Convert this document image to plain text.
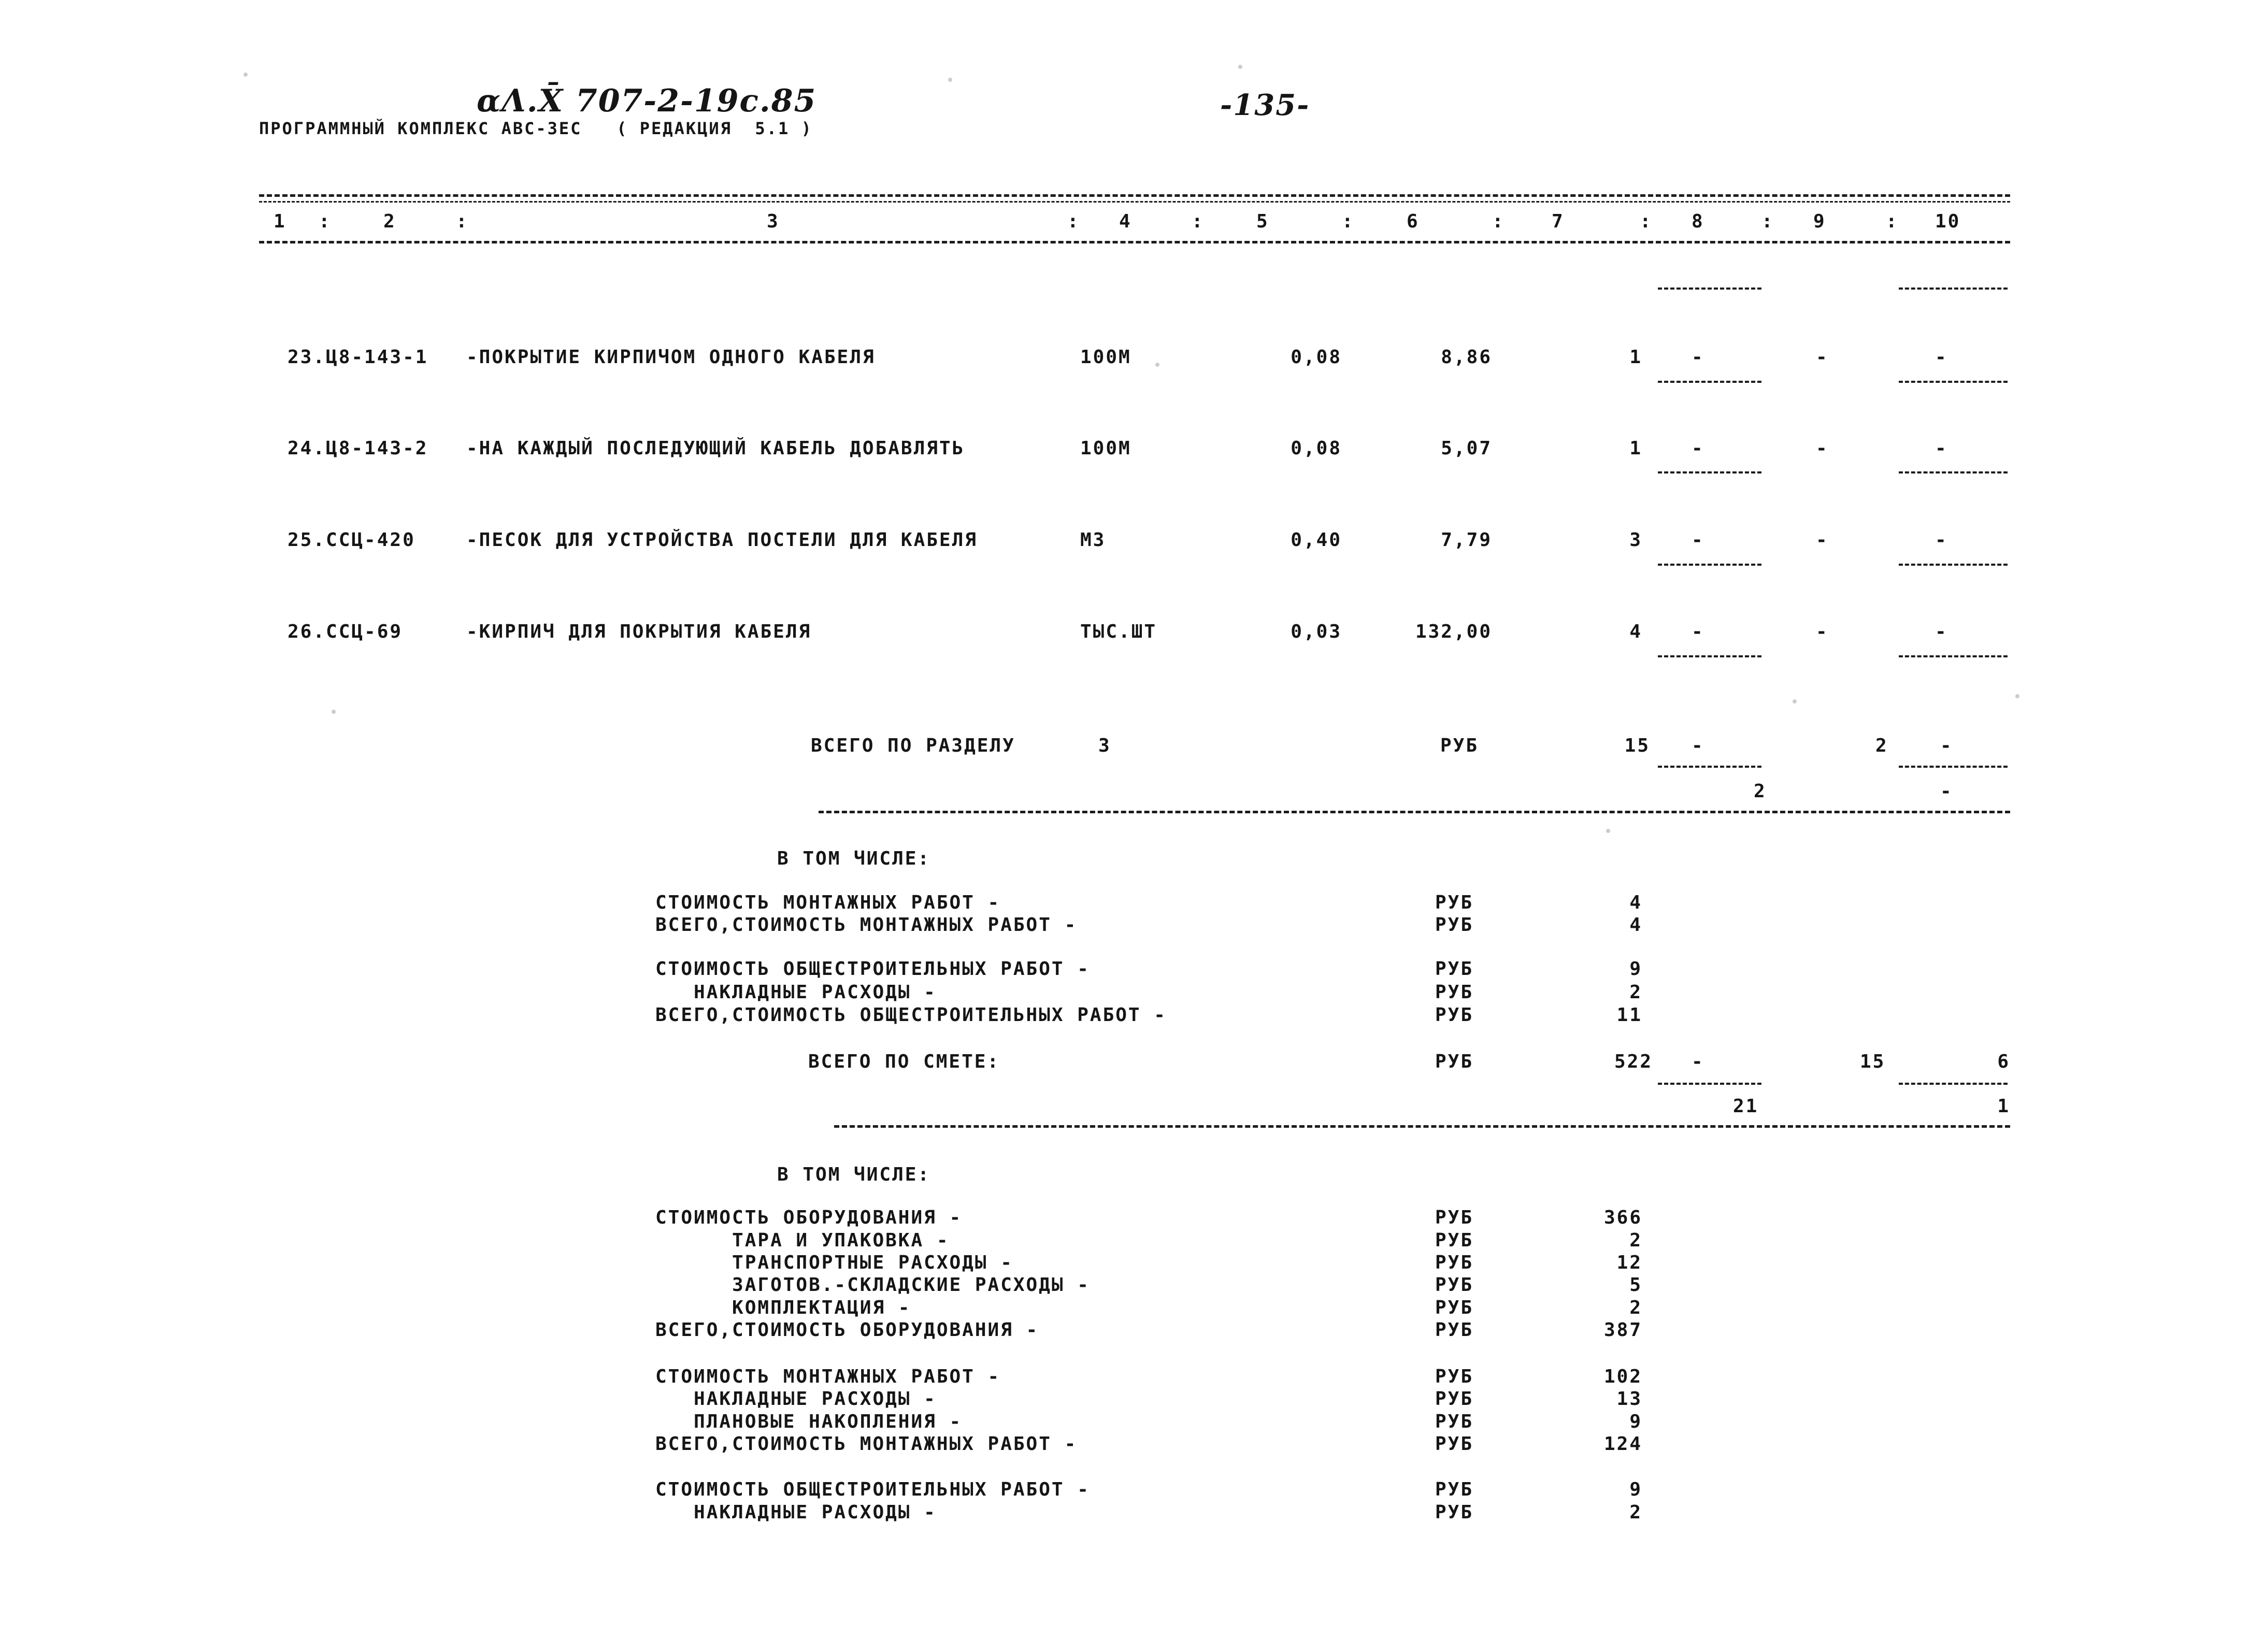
αΛ.X̄ 707-2-19c.85	-135-
ПРОГРАММНЫЙ КОМПЛЕКС АВС-3ЕС   ( РЕДАКЦИЯ  5.1 )
1 :	2	:	3	: 4	:	5	:	6	:	7	: 8	: 9	: 10
23.Ц8-143-1 -ПОКРЫТИЕ КИРПИЧОМ ОДНОГО КАБЕЛЯ	100М	0,08	8,86	1	-	-	-
24.Ц8-143-2 -НА КАЖДЫЙ ПОСЛЕДУЮЩИЙ КАБЕЛЬ ДОБАВЛЯТЬ	100М	0,08	5,07	1	-	-	-
25.ССЦ-420	-ПЕСОК ДЛЯ УСТРОЙСТВА ПОСТЕЛИ ДЛЯ КАБЕЛЯ	М3	0,40	7,79	3	-	-	-
26.ССЦ-69	-КИРПИЧ ДЛЯ ПОКРЫТИЯ КАБЕЛЯ	ТЫС.ШТ	0,03	132,00	4	-	-	-
ВСЕГО ПО РАЗДЕЛУ	3	РУБ	15 -	2	-
2	-
В ТОМ ЧИСЛЕ:
СТОИМОСТЬ МОНТАЖНЫХ РАБОТ -	РУБ	4
ВСЕГО,СТОИМОСТЬ МОНТАЖНЫХ РАБОТ -	РУБ	4
СТОИМОСТЬ ОБЩЕСТРОИТЕЛЬНЫХ РАБОТ -	РУБ	9
НАКЛАДНЫЕ РАСХОДЫ -	РУБ	2
ВСЕГО,СТОИМОСТЬ ОБЩЕСТРОИТЕЛЬНЫХ РАБОТ -	РУБ	11
ВСЕГО ПО СМЕТЕ:	РУБ	522 -	15	6
21	1
В ТОМ ЧИСЛЕ:
СТОИМОСТЬ ОБОРУДОВАНИЯ -	РУБ	366
ТАРА И УПАКОВКА -	РУБ	2
ТРАНСПОРТНЫЕ РАСХОДЫ -	РУБ	12
ЗАГОТОВ.-СКЛАДСКИЕ РАСХОДЫ -	РУБ	5
КОМПЛЕКТАЦИЯ -	РУБ	2
ВСЕГО,СТОИМОСТЬ ОБОРУДОВАНИЯ -	РУБ	387
СТОИМОСТЬ МОНТАЖНЫХ РАБОТ -	РУБ	102
НАКЛАДНЫЕ РАСХОДЫ -	РУБ	13
ПЛАНОВЫЕ НАКОПЛЕНИЯ -	РУБ	9
ВСЕГО,СТОИМОСТЬ МОНТАЖНЫХ РАБОТ -	РУБ	124
СТОИМОСТЬ ОБЩЕСТРОИТЕЛЬНЫХ РАБОТ -	РУБ	9
НАКЛАДНЫЕ РАСХОДЫ -	РУБ	2
